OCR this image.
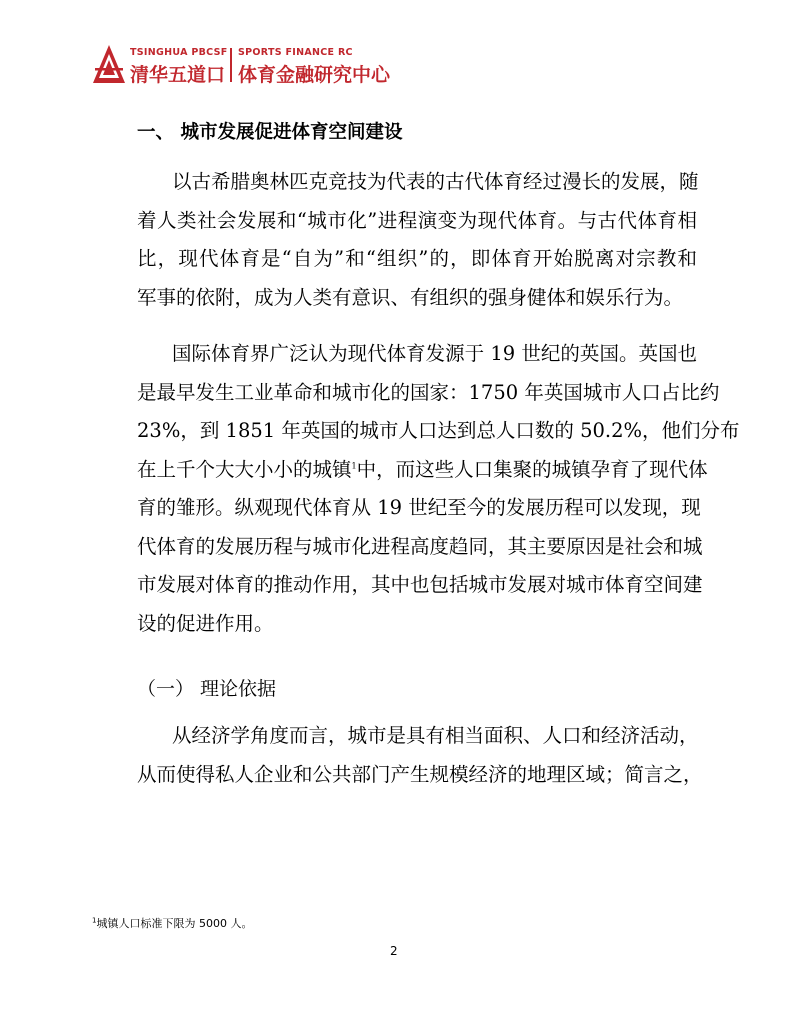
TSINGHUA PBCSF
清华五道口
SPORTS FINANCE RC
体育金融研究中心
一、 城市发展促进体育空间建设
以古希腊奥林匹克竞技为代表的古代体育经过漫长的发展，随
着人类社会发展和“城市化”进程演变为现代体育。与古代体育相
比，现代体育是“自为”和“组织”的，即体育开始脱离对宗教和
军事的依附，成为人类有意识、有组织的强身健体和娱乐行为。
国际体育界广泛认为现代体育发源于 19 世纪的英国。英国也
是最早发生工业革命和城市化的国家：1750 年英国城市人口占比约
23%，到 1851 年英国的城市人口达到总人口数的 50.2%，他们分布
在上千个大大小小的城镇$^1$中，而这些人口集聚的城镇孕育了现代体
育的雏形。纵观现代体育从 19 世纪至今的发展历程可以发现，现
代体育的发展历程与城市化进程高度趋同，其主要原因是社会和城
市发展对体育的推动作用，其中也包括城市发展对城市体育空间建
设的促进作用。
（一） 理论依据
从经济学角度而言，城市是具有相当面积、人口和经济活动，
从而使得私人企业和公共部门产生规模经济的地理区域；简言之，
$^1$城镇人口标准下限为 5000 人。
2
